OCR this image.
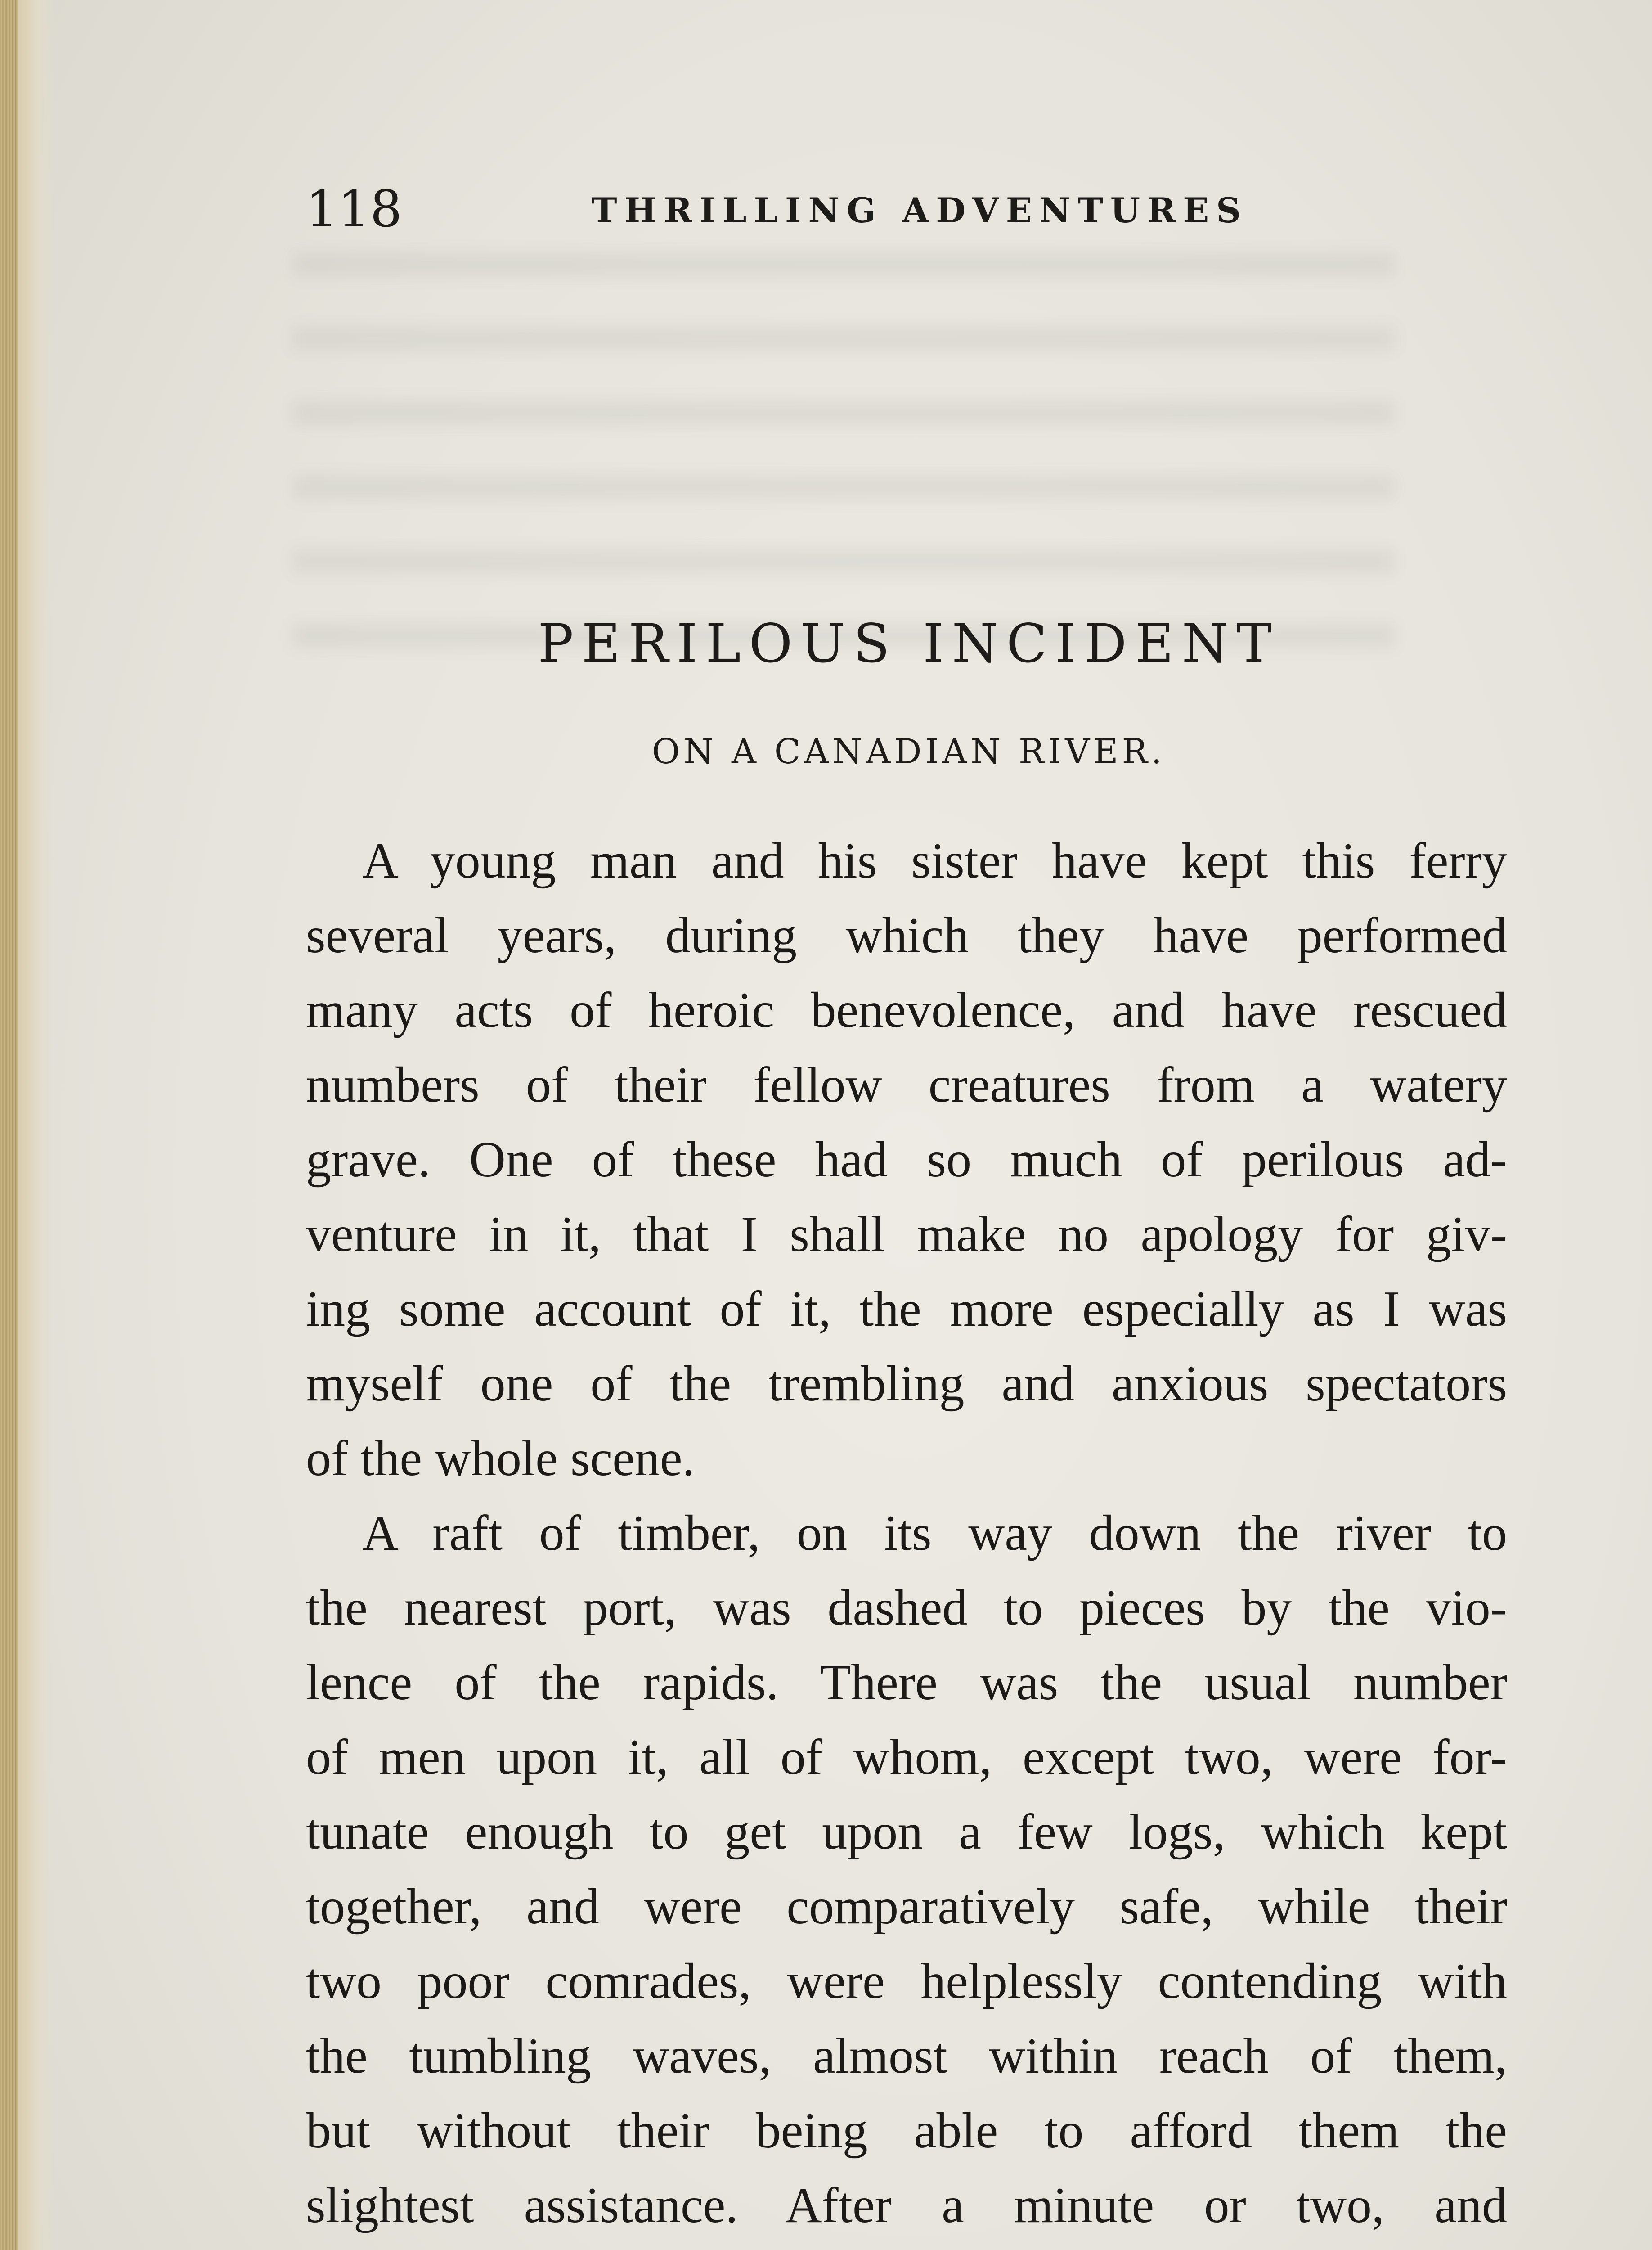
118	THRILLING ADVENTURES
PERILOUS INCIDENT
ON A CANADIAN RIVER.
A young man and his sister have kept this ferry
several years, during which they have performed
many acts of heroic benevolence, and have rescued
numbers of their fellow creatures from a watery
grave. One of these had so much of perilous ad-
venture in it, that I shall make no apology for giv-
ing some account of it, the more especially as I was
myself one of the trembling and anxious spectators
of the whole scene.
A raft of timber, on its way down the river to
the nearest port, was dashed to pieces by the vio-
lence of the rapids. There was the usual number
of men upon it, all of whom, except two, were for-
tunate enough to get upon a few logs, which kept
together, and were comparatively safe, while their
two poor comrades, were helplessly contending with
the tumbling waves, almost within reach of them,
but without their being able to afford them the
slightest assistance. After a minute or two, and
